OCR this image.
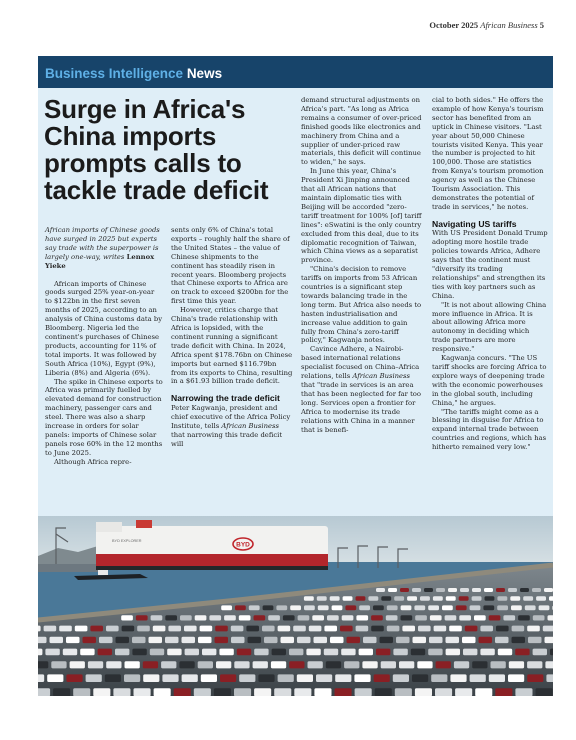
October 2025 African Business 5
Business Intelligence News
Surge in Africa's China imports prompts calls to tackle trade deficit

African imports of Chinese goods have surged in 2025 but experts say trade with the superpower is largely one-way, writes Lennox Yieke

African imports of Chinese goods surged 25% year-on-year to $122bn in the first seven months of 2025, according to an analysis of China customs data by Bloomberg. Nigeria led the continent's purchases of Chinese products, accounting for 11% of total imports. It was followed by South Africa (10%), Egypt (9%), Liberia (8%) and Algeria (6%).

The spike in Chinese exports to Africa was primarily fuelled by elevated demand for construction machinery, passenger cars and steel. There was also a sharp increase in orders for solar panels: imports of Chinese solar panels rose 60% in the 12 months to June 2025.

Although Africa repre-

sents only 6% of China's total exports – roughly half the share of the United States – the value of Chinese shipments to the continent has steadily risen in recent years. Bloomberg projects that Chinese exports to Africa are on track to exceed $200bn for the first time this year.

However, critics charge that China's trade relationship with Africa is lopsided, with the continent running a significant trade deficit with China. In 2024, Africa spent $178.76bn on Chinese imports but earned $116.79bn from its exports to China, resulting in a $61.93 billion trade deficit.

Narrowing the trade deficit

Peter Kagwanja, president and chief executive of the Africa Policy Institute, tells African Business that narrowing this trade deficit will

demand structural adjustments on Africa's part. "As long as Africa remains a consumer of over-priced finished goods like electronics and machinery from China and a supplier of under-priced raw materials, this deficit will continue to widen," he says.

In June this year, China's President Xi Jinping announced that all African nations that maintain diplomatic ties with Beijing will be accorded "zero-tariff treatment for 100% [of] tariff lines": eSwatini is the only country excluded from this deal, due to its diplomatic recognition of Taiwan, which China views as a separatist province.

"China's decision to remove tariffs on imports from 53 African countries is a significant step towards balancing trade in the long term. But Africa also needs to hasten industrialisation and increase value addition to gain fully from China's zero-tariff policy," Kagwanja notes.

Cavince Adhere, a Nairobi-based international relations specialist focused on China–Africa relations, tells African Business that "trade in services is an area that has been neglected for far too long. Services open a frontier for Africa to modernise its trade relations with China in a manner that is benefi-

cial to both sides." He offers the example of how Kenya's tourism sector has benefited from an uptick in Chinese visitors. "Last year about 50,000 Chinese tourists visited Kenya. This year the number is projected to hit 100,000. Those are statistics from Kenya's tourism promotion agency as well as the Chinese Tourism Association. This demonstrates the potential of trade in services," he notes.

Navigating US tariffs

With US President Donald Trump adopting more hostile trade policies towards Africa, Adhere says that the continent must "diversify its trading relationships" and strengthen its ties with key partners such as China.

"It is not about allowing China more influence in Africa. It is about allowing Africa more autonomy in deciding which trade partners are more responsive."

Kagwanja concurs. "The US tariff shocks are forcing Africa to explore ways of deepening trade with the economic powerhouses in the global south, including China," he argues.

"The tariffs might come as a blessing in disguise for Africa to expand internal trade between countries and regions, which has hitherto remained very low."

BYD
BYD EXPLORER
